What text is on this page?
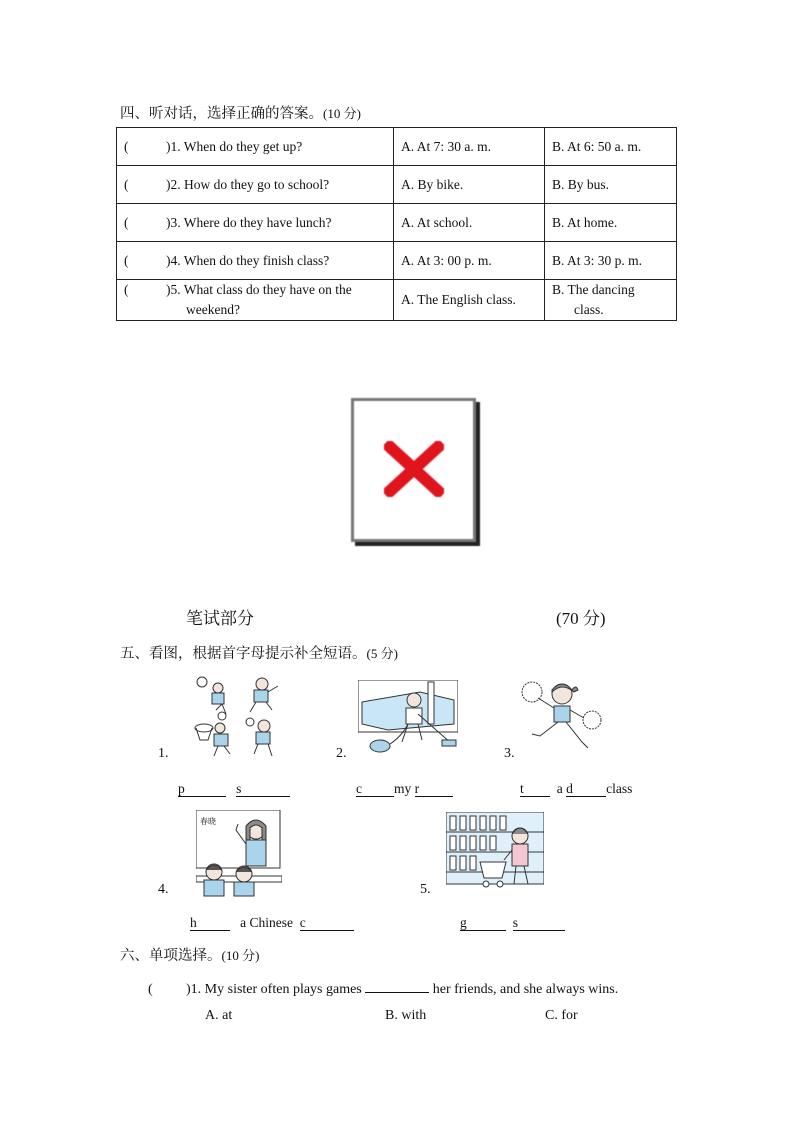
四、听对话，选择正确的答案。(10 分)
( )1. When do they get up?	A. At 7: 30 a. m.	B. At 6: 50 a. m.
( )2. How do they go to school?	A. By bike.	B. By bus.
( )3. Where do they have lunch?	A. At school.	B. At home.
( )4. When do they finish class?	A. At 3: 00 p. m.	B. At 3: 30 p. m.
( )5. What class do they have on the
weekend?	A. The English class.	B. The dancing
class.
笔试部分	(70 分)
五、看图，根据首字母提示补全短语。(5 分)
1.	2.	3.
p	s	c my r	t a d class
春晓
4.	5.
h	a Chinese c	g	s
六、单项选择。(10 分)
( )1. My sister often plays games	her friends, and she always wins.
A. at	B. with	C. for
